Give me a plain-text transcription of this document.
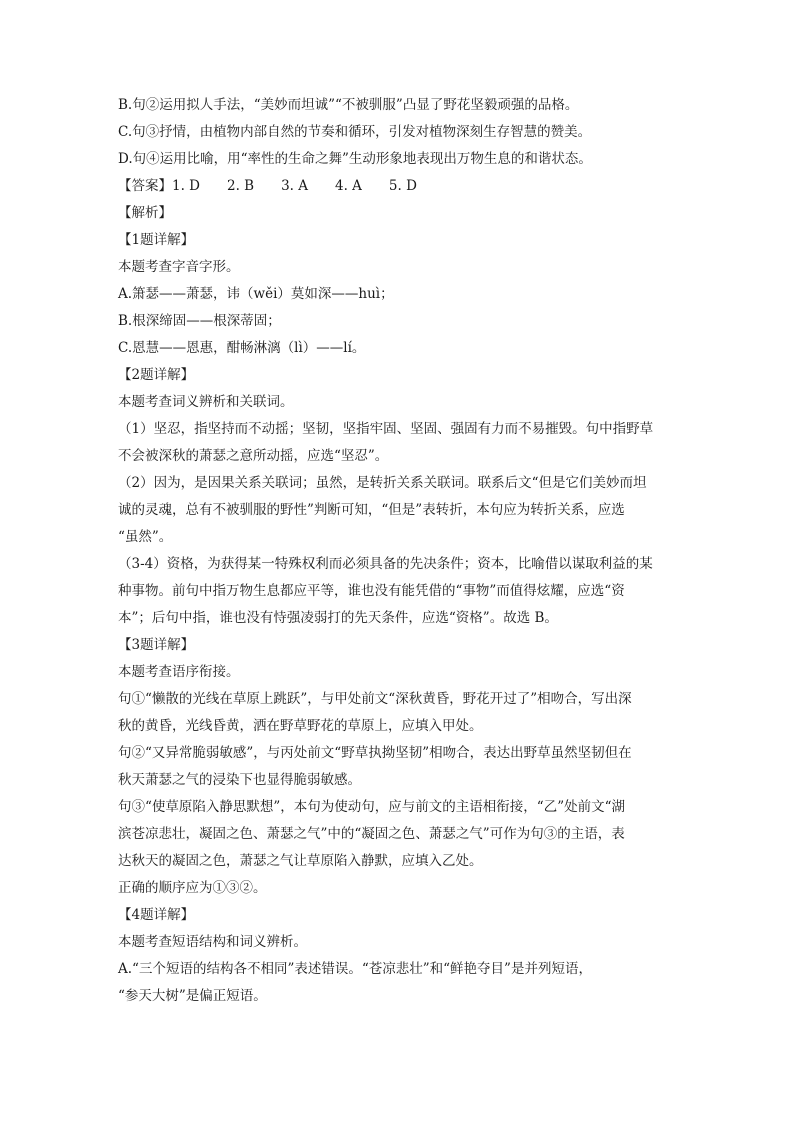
B.句②运用拟人手法，“美妙而坦诚”“不被驯服”凸显了野花坚毅顽强的品格。

C.句③抒情，由植物内部自然的节奏和循环，引发对植物深刻生存智慧的赞美。

D.句④运用比喻，用“率性的生命之舞”生动形象地表现出万物生息的和谐状态。

【答案】1. D　　2. B　　3. A　　4. A　　5. D

【解析】

【1题详解】

本题考查字音字形。

A.箫瑟——萧瑟，讳（wěi）莫如深——huì；

B.根深缔固——根深蒂固；

C.恩慧——恩惠，酣畅淋漓（lì）——lí。

【2题详解】

本题考查词义辨析和关联词。

（1）坚忍，指坚持而不动摇；坚韧，坚指牢固、坚固、强固有力而不易摧毁。句中指野草

不会被深秋的萧瑟之意所动摇，应选“坚忍”。

（2）因为，是因果关系关联词；虽然，是转折关系关联词。联系后文“但是它们美妙而坦

诚的灵魂，总有不被驯服的野性”判断可知，“但是”表转折，本句应为转折关系，应选

“虽然”。

（3-4）资格，为获得某一特殊权利而必须具备的先决条件；资本，比喻借以谋取利益的某

种事物。前句中指万物生息都应平等，谁也没有能凭借的“事物”而值得炫耀，应选“资

本”；后句中指，谁也没有恃强凌弱打的先天条件，应选“资格”。故选 B。

【3题详解】

本题考查语序衔接。

句①“懒散的光线在草原上跳跃”，与甲处前文“深秋黄昏，野花开过了”相吻合，写出深

秋的黄昏，光线昏黄，洒在野草野花的草原上，应填入甲处。

句②“又异常脆弱敏感”，与丙处前文“野草执拗坚韧”相吻合，表达出野草虽然坚韧但在

秋天萧瑟之气的浸染下也显得脆弱敏感。

句③“使草原陷入静思默想”，本句为使动句，应与前文的主语相衔接，“乙”处前文“湖

滨苍凉悲壮，凝固之色、萧瑟之气”中的“凝固之色、萧瑟之气”可作为句③的主语，表

达秋天的凝固之色，萧瑟之气让草原陷入静默，应填入乙处。

正确的顺序应为①③②。

【4题详解】

本题考查短语结构和词义辨析。

A.“三个短语的结构各不相同”表述错误。“苍凉悲壮”和“鲜艳夺目”是并列短语，

“参天大树”是偏正短语。
